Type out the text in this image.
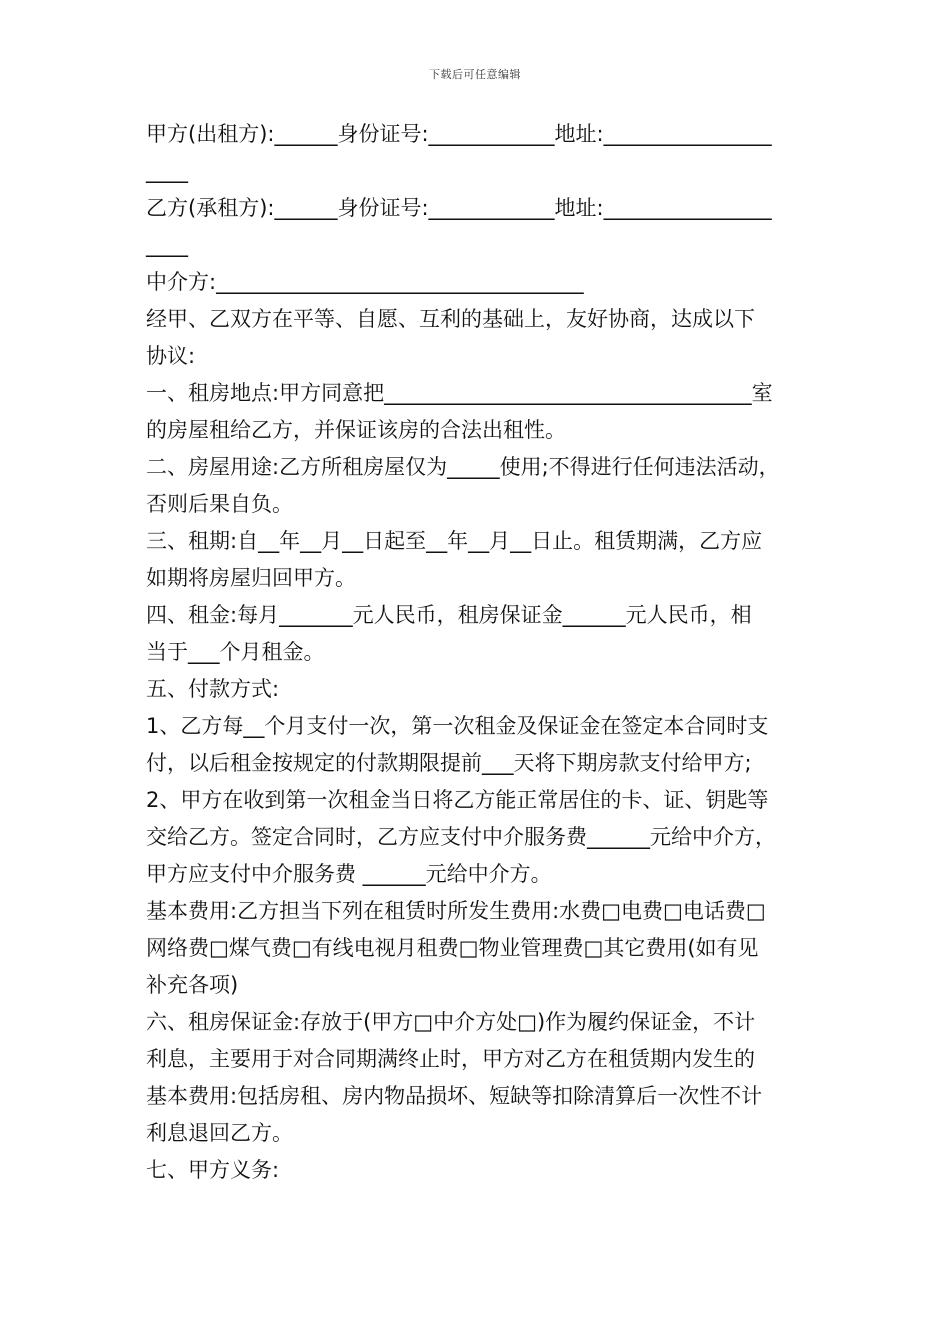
下载后可任意编辑
甲方(出租方):______身份证号:____________地址:________________
____
乙方(承租方):______身份证号:____________地址:________________
____
中介方:___________________________________
经甲、乙双方在平等、自愿、互利的基础上，友好协商，达成以下
协议:
一、租房地点:甲方同意把___________________________________室
的房屋租给乙方，并保证该房的合法出租性。
二、房屋用途:乙方所租房屋仅为_____使用;不得进行任何违法活动，
否则后果自负。
三、租期:自__年__月__日起至__年__月__日止。租赁期满，乙方应
如期将房屋归回甲方。
四、租金:每月_______元人民币，租房保证金______元人民币，相
当于___个月租金。
五、付款方式:
1、乙方每__个月支付一次，第一次租金及保证金在签定本合同时支
付，以后租金按规定的付款期限提前___天将下期房款支付给甲方;
2、甲方在收到第一次租金当日将乙方能正常居住的卡、证、钥匙等
交给乙方。签定合同时，乙方应支付中介服务费______元给中介方，
甲方应支付中介服务费 ______元给中介方。
基本费用:乙方担当下列在租赁时所发生费用:水费□电费□电话费□
网络费□煤气费□有线电视月租费□物业管理费□其它费用(如有见
补充各项)
六、租房保证金:存放于(甲方□中介方处□)作为履约保证金，不计
利息，主要用于对合同期满终止时，甲方对乙方在租赁期内发生的
基本费用:包括房租、房内物品损坏、短缺等扣除清算后一次性不计
利息退回乙方。
七、甲方义务:
